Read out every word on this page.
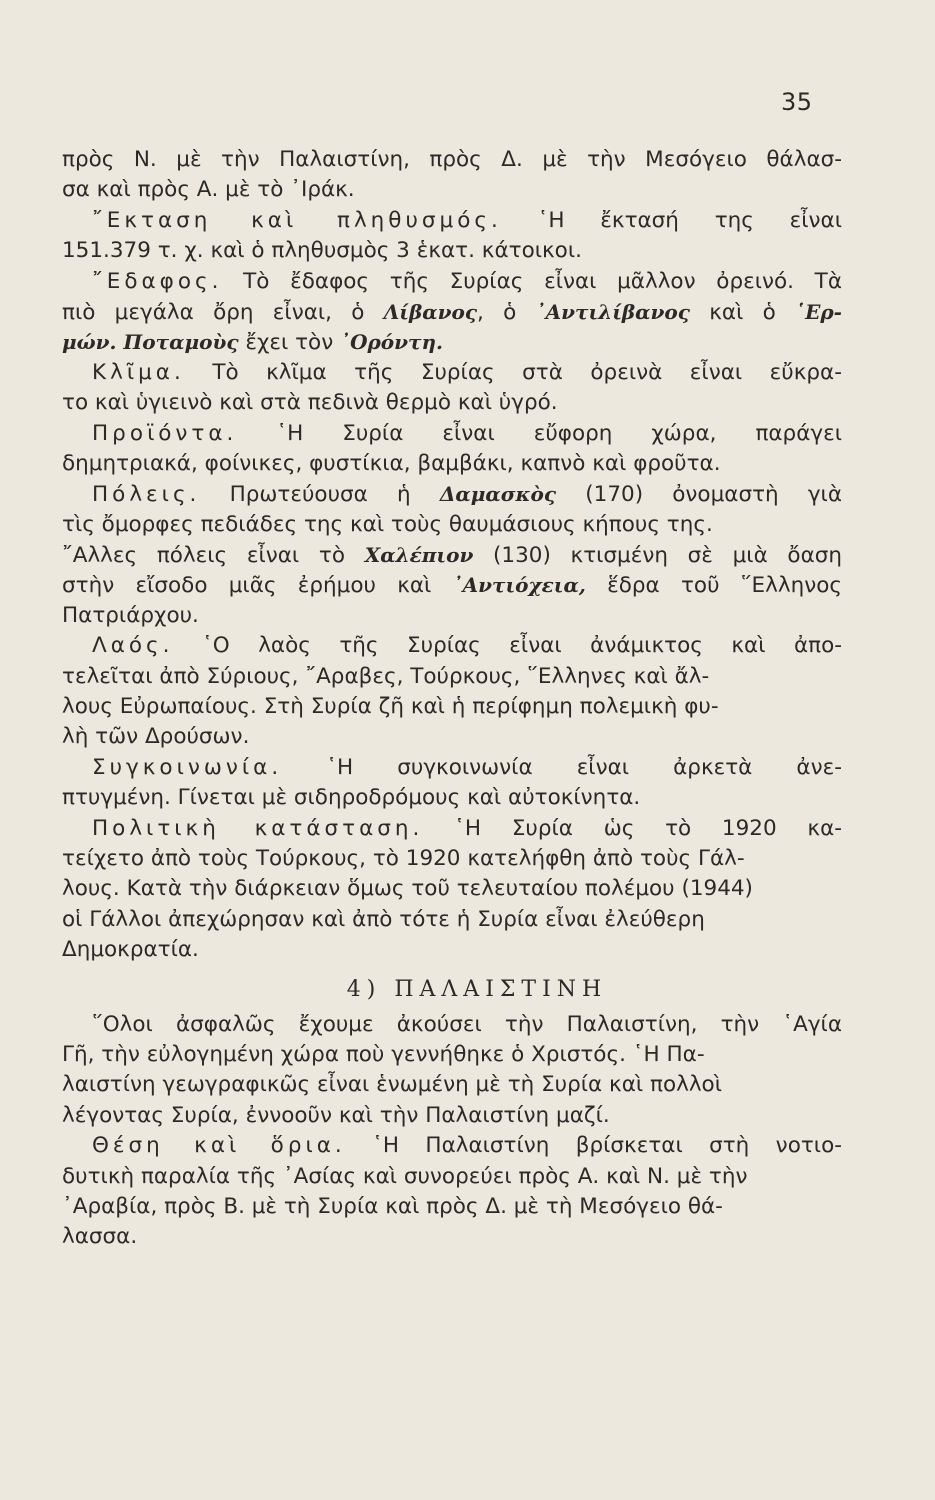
35
πρὸς Ν. μὲ τὴν Παλαιστίνη, πρὸς Δ. μὲ τὴν Μεσόγειο θάλασ-
σα καὶ πρὸς Α. μὲ τὸ ᾽Ιράκ.
῎Εκταση καὶ πληθυσμός. ῾Η ἔκτασή της εἶναι
151.379 τ. χ. καὶ ὁ πληθυσμὸς 3 ἑκατ. κάτοικοι.
῎Εδαφος. Τὸ ἔδαφος τῆς Συρίας εἶναι μᾶλλον ὀρεινό. Τὰ
πιὸ μεγάλα ὄρη εἶναι, ὁ Λίβανος, ὁ ᾽Αντιλίβανος καὶ ὁ ῾Ερ-
μών. Ποταμοὺς ἔχει τὸν ᾽Ορόντη.
Κλῖμα. Τὸ κλῖμα τῆς Συρίας στὰ ὀρεινὰ εἶναι εὔκρα-
το καὶ ὑγιεινὸ καὶ στὰ πεδινὰ θερμὸ καὶ ὑγρό.
Προϊόντα. ῾Η Συρία εἶναι εὔφορη χώρα, παράγει
δημητριακά, φοίνικες, φυστίκια, βαμβάκι, καπνὸ καὶ φροῦτα.
Πόλεις. Πρωτεύουσα ἡ Δαμασκὸς (170) ὀνομαστὴ γιὰ
τὶς ὄμορφες πεδιάδες της καὶ τοὺς θαυμάσιους κήπους της.
῎Αλλες πόλεις εἶναι τὸ Χαλέπιον (130) κτισμένη σὲ μιὰ ὄαση
στὴν εἴσοδο μιᾶς ἐρήμου καὶ ᾽Αντιόχεια, ἕδρα τοῦ ῞Ελληνος
Πατριάρχου.
Λαός. ῾Ο λαὸς τῆς Συρίας εἶναι ἀνάμικτος καὶ ἀπο-
τελεῖται ἀπὸ Σύριους, ῎Αραβες, Τούρκους, ῞Ελληνες καὶ ἄλ-
λους Εὐρωπαίους. Στὴ Συρία ζῆ καὶ ἡ περίφημη πολεμικὴ φυ-
λὴ τῶν Δρούσων.
Συγκοινωνία. ῾Η συγκοινωνία εἶναι ἀρκετὰ ἀνε-
πτυγμένη. Γίνεται μὲ σιδηροδρόμους καὶ αὐτοκίνητα.
Πολιτικὴ κατάσταση. ῾Η Συρία ὡς τὸ 1920 κα-
τείχετο ἀπὸ τοὺς Τούρκους, τὸ 1920 κατελήφθη ἀπὸ τοὺς Γάλ-
λους. Κατὰ τὴν διάρκειαν ὅμως τοῦ τελευταίου πολέμου (1944)
οἱ Γάλλοι ἀπεχώρησαν καὶ ἀπὸ τότε ἡ Συρία εἶναι ἐλεύθερη
Δημοκρατία.
4) ΠΑΛΑΙΣΤΙΝΗ
῞Ολοι ἀσφαλῶς ἔχουμε ἀκούσει τὴν Παλαιστίνη, τὴν ῾Αγία
Γῆ, τὴν εὐλογημένη χώρα ποὺ γεννήθηκε ὁ Χριστός. ῾Η Πα-
λαιστίνη γεωγραφικῶς εἶναι ἑνωμένη μὲ τὴ Συρία καὶ πολλοὶ
λέγοντας Συρία, ἐννοοῦν καὶ τὴν Παλαιστίνη μαζί.
Θέση καὶ ὅρια. ῾Η Παλαιστίνη βρίσκεται στὴ νοτιο-
δυτικὴ παραλία τῆς ᾽Ασίας καὶ συνορεύει πρὸς Α. καὶ Ν. μὲ τὴν
᾽Αραβία, πρὸς Β. μὲ τὴ Συρία καὶ πρὸς Δ. μὲ τὴ Μεσόγειο θά-
λασσα.
